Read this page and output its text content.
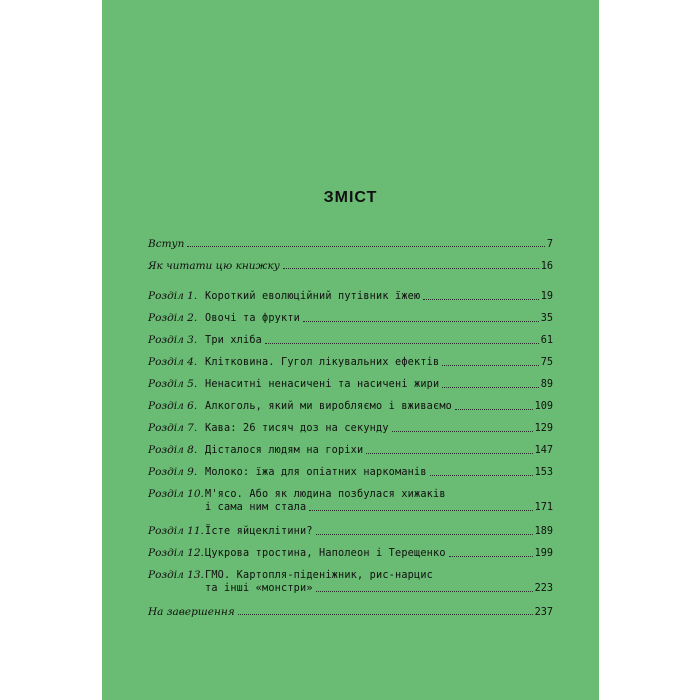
ЗМІСТ
Вступ	7
Як читати цю книжку	16
Розділ 1. Короткий еволюційний путівник їжею	19
Розділ 2. Овочі та фрукти	35
Розділ 3. Три хліба	61
Розділ 4. Клітковина. Гугол лікувальних ефектів	75
Розділ 5. Ненаситні ненасичені та насичені жири	89
Розділ 6. Алкоголь, який ми виробляємо і вживаємо	109
Розділ 7. Кава: 26 тисяч доз на секунду	129
Розділ 8. Дісталося людям на горіхи	147
Розділ 9. Молоко: їжа для опіатних наркоманів	153
Розділ 10. М'ясо. Або як людина позбулася хижаків
і сама ним стала	171
Розділ 11. Їсте яйцеклітини?	189
Розділ 12. Цукрова тростина, Наполеон і Терещенко	199
Розділ 13. ГМО. Картопля-піденіжник, рис-нарцис
та інші «монстри»	223
На завершення	237
